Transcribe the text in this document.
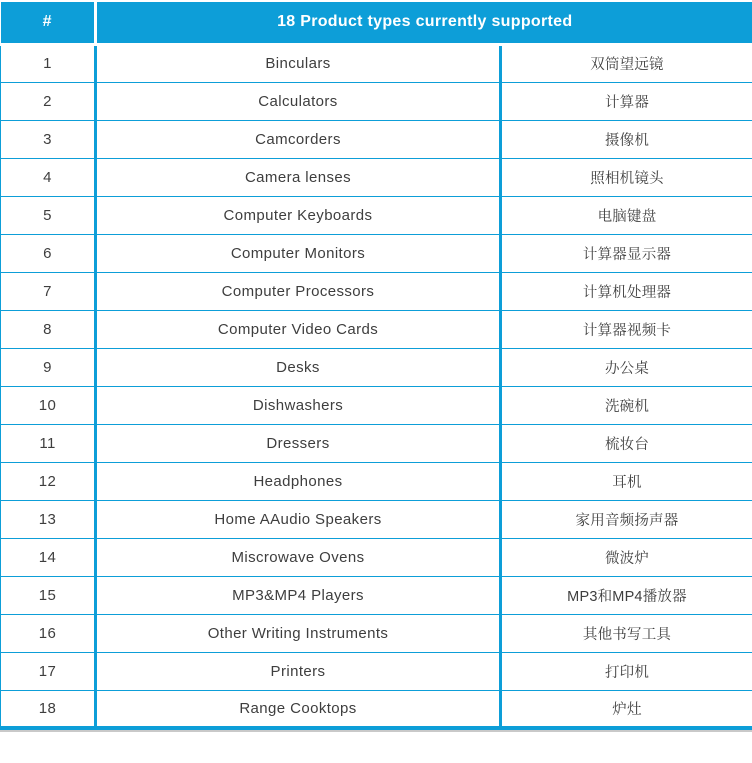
#	18 Product types currently supported	
1	Binculars	双筒望远镜
2	Calculators	计算器
3	Camcorders	摄像机
4	Camera lenses	照相机镜头
5	Computer Keyboards	电脑键盘
6	Computer Monitors	计算器显示器
7	Computer Processors	计算机处理器
8	Computer Video Cards	计算器视频卡
9	Desks	办公桌
10	Dishwashers	洗碗机
11	Dressers	梳妆台
12	Headphones	耳机
13	Home AAudio Speakers	家用音频扬声器
14	Miscrowave Ovens	微波炉
15	MP3&MP4 Players	MP3和MP4播放器
16	Other Writing Instruments	其他书写工具
17	Printers	打印机
18	Range Cooktops	炉灶
